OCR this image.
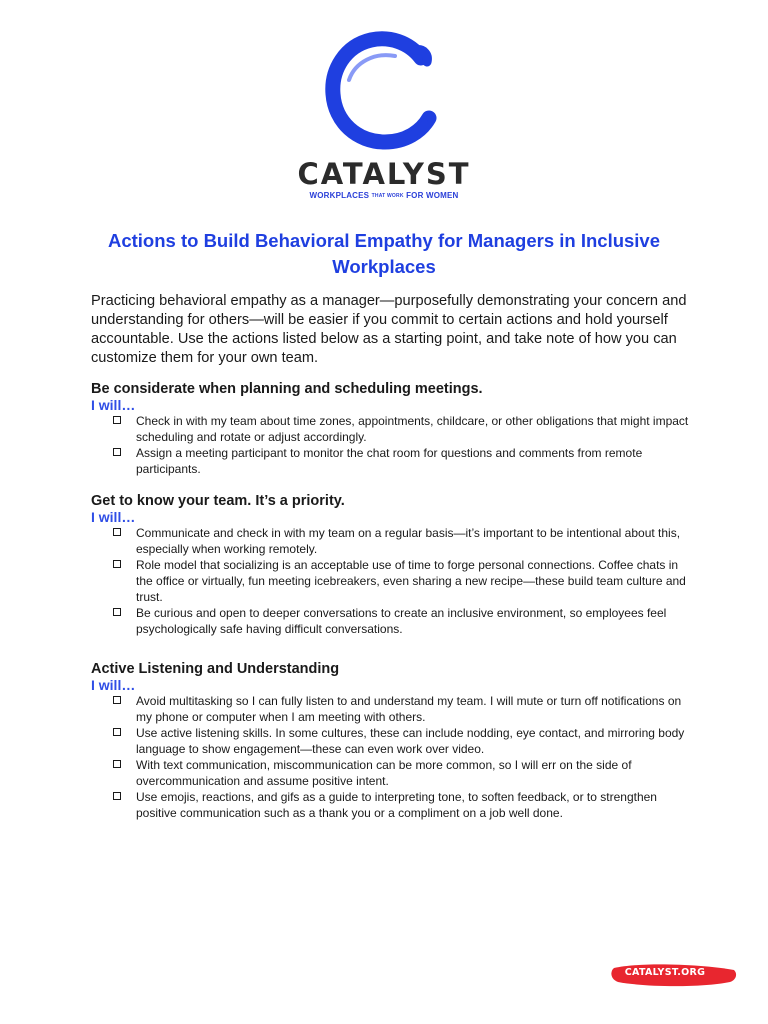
CATALYST
WORKPLACES THAT WORK FOR WOMEN
Actions to Build Behavioral Empathy for Managers in Inclusive Workplaces
Practicing behavioral empathy as a manager—purposefully demonstrating your concern and understanding for others—will be easier if you commit to certain actions and hold yourself accountable. Use the actions listed below as a starting point, and take note of how you can customize them for your own team.
Be considerate when planning and scheduling meetings.
I will…
Check in with my team about time zones, appointments, childcare, or other obligations that might impact scheduling and rotate or adjust accordingly.
Assign a meeting participant to monitor the chat room for questions and comments from remote participants.
Get to know your team. It’s a priority.
I will…
Communicate and check in with my team on a regular basis—it’s important to be intentional about this, especially when working remotely.
Role model that socializing is an acceptable use of time to forge personal connections. Coffee chats in the office or virtually, fun meeting icebreakers, even sharing a new recipe—these build team culture and trust.
Be curious and open to deeper conversations to create an inclusive environment, so employees feel psychologically safe having difficult conversations.
Active Listening and Understanding
I will…
Avoid multitasking so I can fully listen to and understand my team. I will mute or turn off notifications on my phone or computer when I am meeting with others.
Use active listening skills. In some cultures, these can include nodding, eye contact, and mirroring body language to show engagement—these can even work over video.
With text communication, miscommunication can be more common, so I will err on the side of overcommunication and assume positive intent.
Use emojis, reactions, and gifs as a guide to interpreting tone, to soften feedback, or to strengthen positive communication such as a thank you or a compliment on a job well done.
CATALYST.ORG
